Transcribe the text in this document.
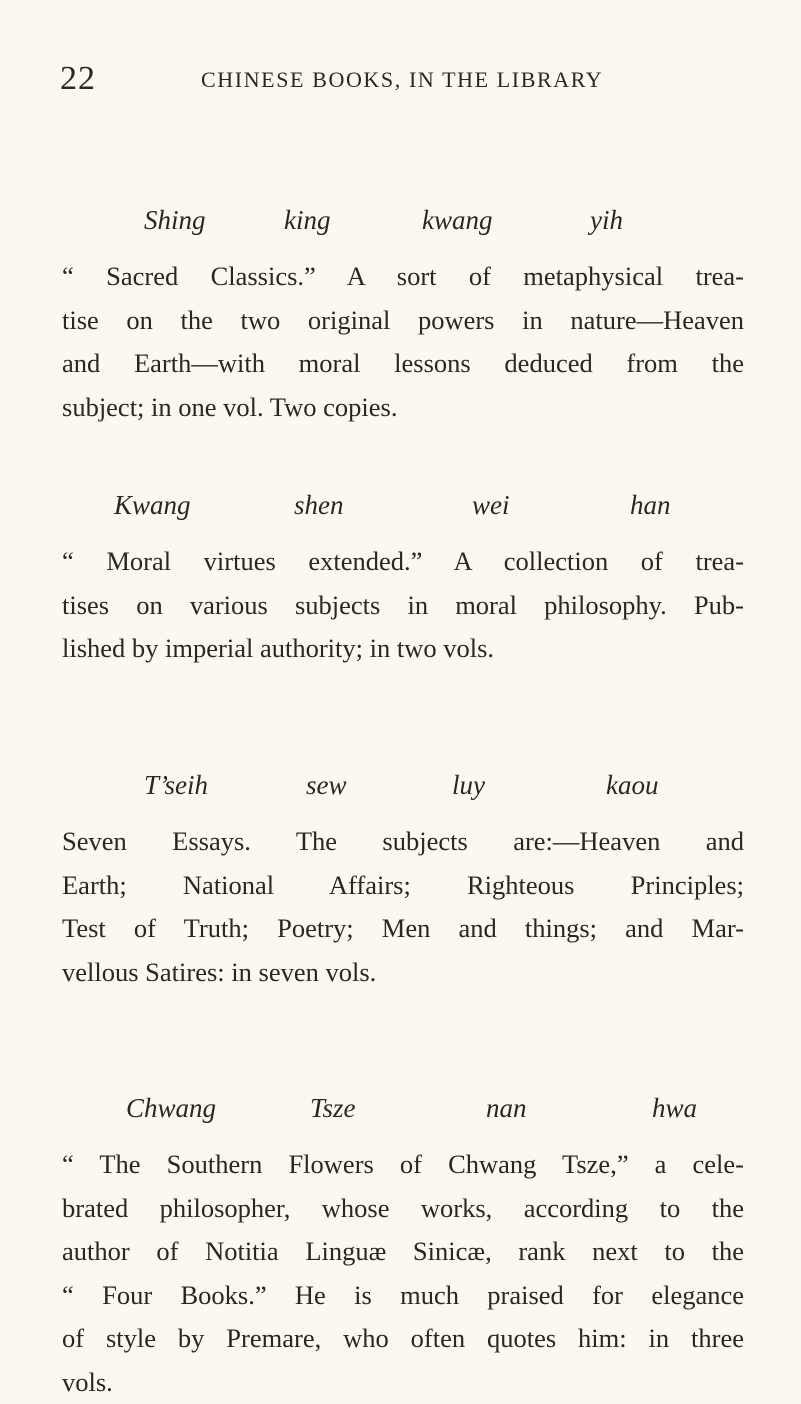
22	CHINESE BOOKS, IN THE LIBRARY
Shing	king	kwang	yih
“ Sacred Classics.” A sort of metaphysical trea-
tise on the two original powers in nature—Heaven
and Earth—with moral lessons deduced from the
subject; in one vol. Two copies.
Kwang	shen	wei	han
“ Moral virtues extended.” A collection of trea-
tises on various subjects in moral philosophy. Pub-
lished by imperial authority; in two vols.
T’seih	sew	luy	kaou
Seven Essays. The subjects are:—Heaven and
Earth; National Affairs; Righteous Principles;
Test of Truth; Poetry; Men and things; and Mar-
vellous Satires: in seven vols.
Chwang	Tsze	nan	hwa
“ The Southern Flowers of Chwang Tsze,” a cele-
brated philosopher, whose works, according to the
author of Notitia Linguæ Sinicæ, rank next to the
“ Four Books.” He is much praised for elegance
of style by Premare, who often quotes him: in three
vols.
